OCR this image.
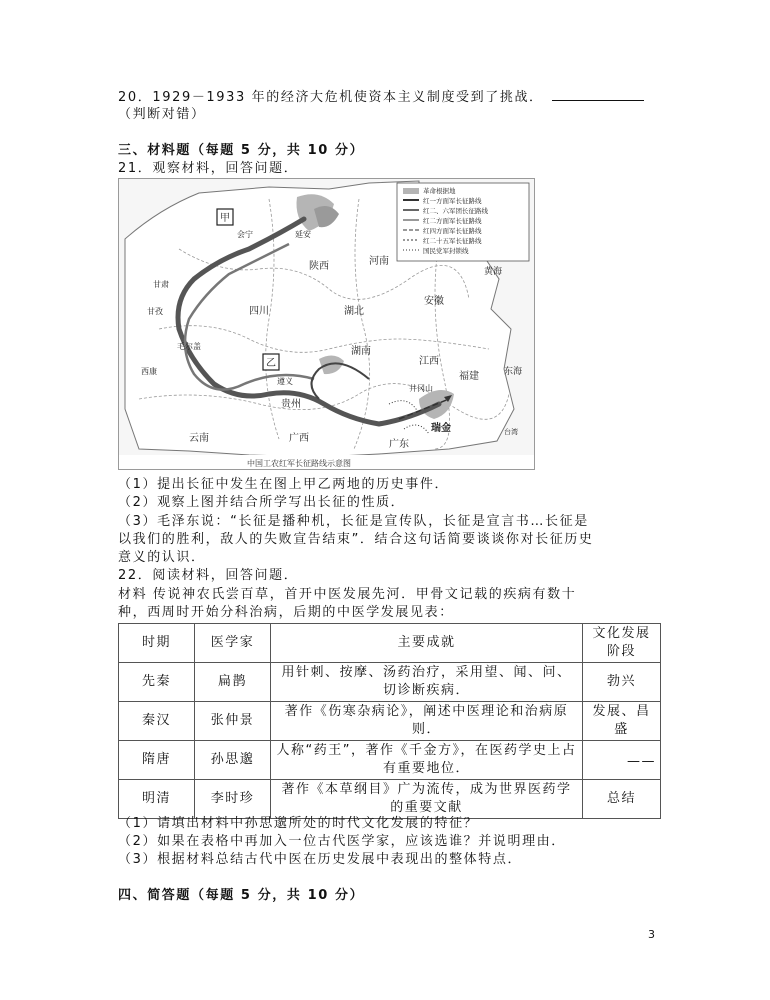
20．1929－1933 年的经济大危机使资本主义制度受到了挑战．
（判断对错）
三、材料题（每题 5 分，共 10 分）
21．观察材料，回答问题．
革命根据地
红一方面军长征路线
红二、六军团长征路线
红二方面军长征路线
红四方面军长征路线
红二十五军长征路线
国民党军封锁线
甲
乙
延安
瑞金
会宁
甘孜
毛尔盖
遵义
井冈山
甘肃
四川
湖南
江西
贵州
云南	广西
广东
福建
陕西	河南
湖北
安徽
黄海
东海
台湾
西康
中国工农红军长征路线示意图
（1）提出长征中发生在图上甲乙两地的历史事件．
（2）观察上图并结合所学写出长征的性质．
（3）毛泽东说：“长征是播种机，长征是宣传队，长征是宣言书…长征是
以我们的胜利，敌人的失败宣告结束”．结合这句话简要谈谈你对长征历史
意义的认识．
22．阅读材料，回答问题．
材料 传说神农氏尝百草，首开中医发展先河．甲骨文记载的疾病有数十
种，西周时开始分科治病，后期的中医学发展见表：
时期	医学家	主要成就	文化发展阶段
先秦	扁鹊	用针刺、按摩、汤药治疗，采用望、闻、问、切诊断疾病．	勃兴
秦汉	张仲景	著作《伤寒杂病论》，阐述中医理论和治病原则．	发展、昌盛
隋唐	孙思邈	人称“药王”，著作《千金方》，在医药学史上占有重要地位．	——
明清	李时珍	著作《本草纲目》广为流传，成为世界医药学的重要文献	总结
（1）请填出材料中孙思邈所处的时代文化发展的特征？
（2）如果在表格中再加入一位古代医学家，应该选谁？并说明理由．
（3）根据材料总结古代中医在历史发展中表现出的整体特点．
四、简答题（每题 5 分，共 10 分）
3
